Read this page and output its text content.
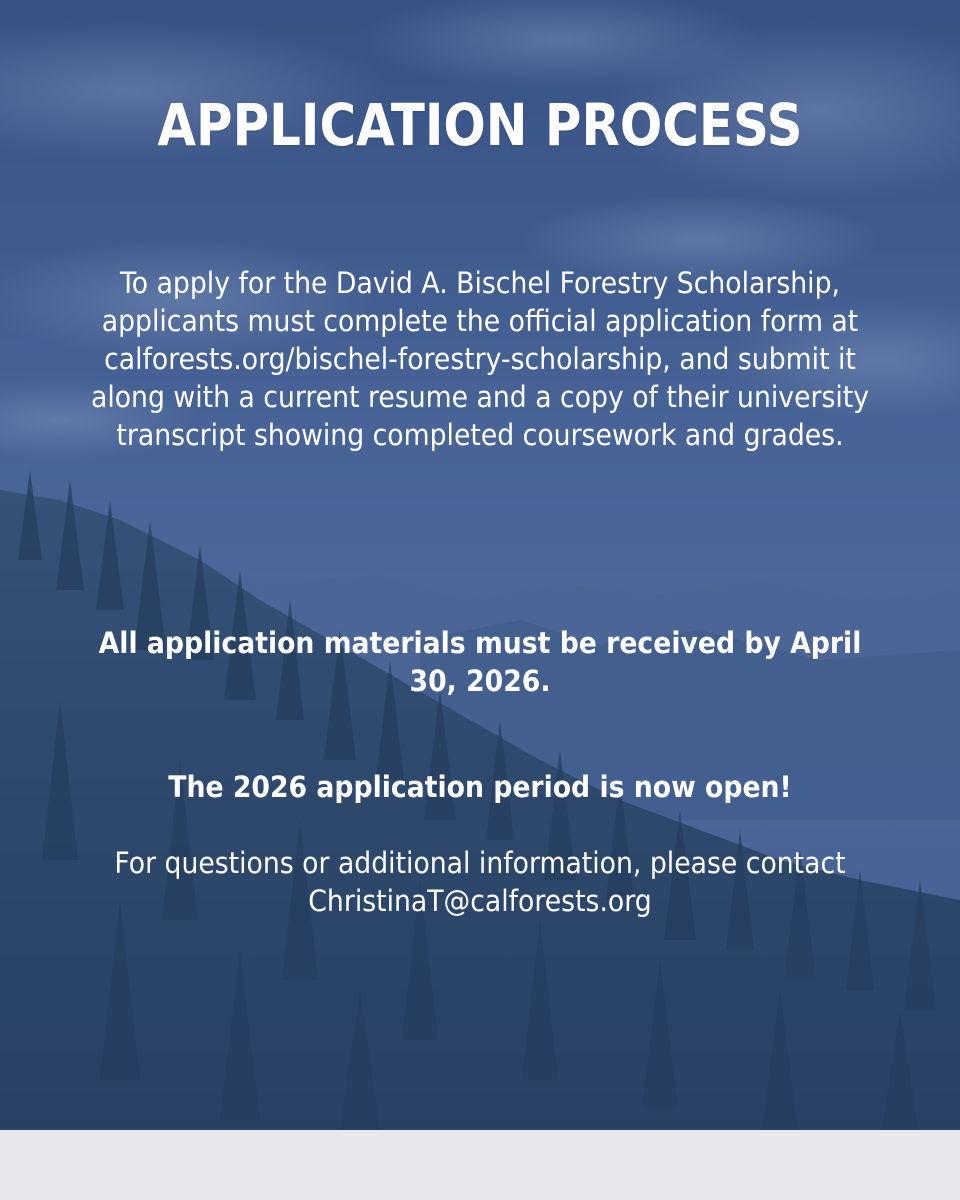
APPLICATION PROCESS

To apply for the David A. Bischel Forestry Scholarship, applicants must complete the official application form at calforests.org/bischel-forestry-scholarship, and submit it along with a current resume and a copy of their university transcript showing completed coursework and grades.

All application materials must be received by April 30, 2026.

The 2026 application period is now open!

For questions or additional information, please contact ChristinaT@calforests.org
